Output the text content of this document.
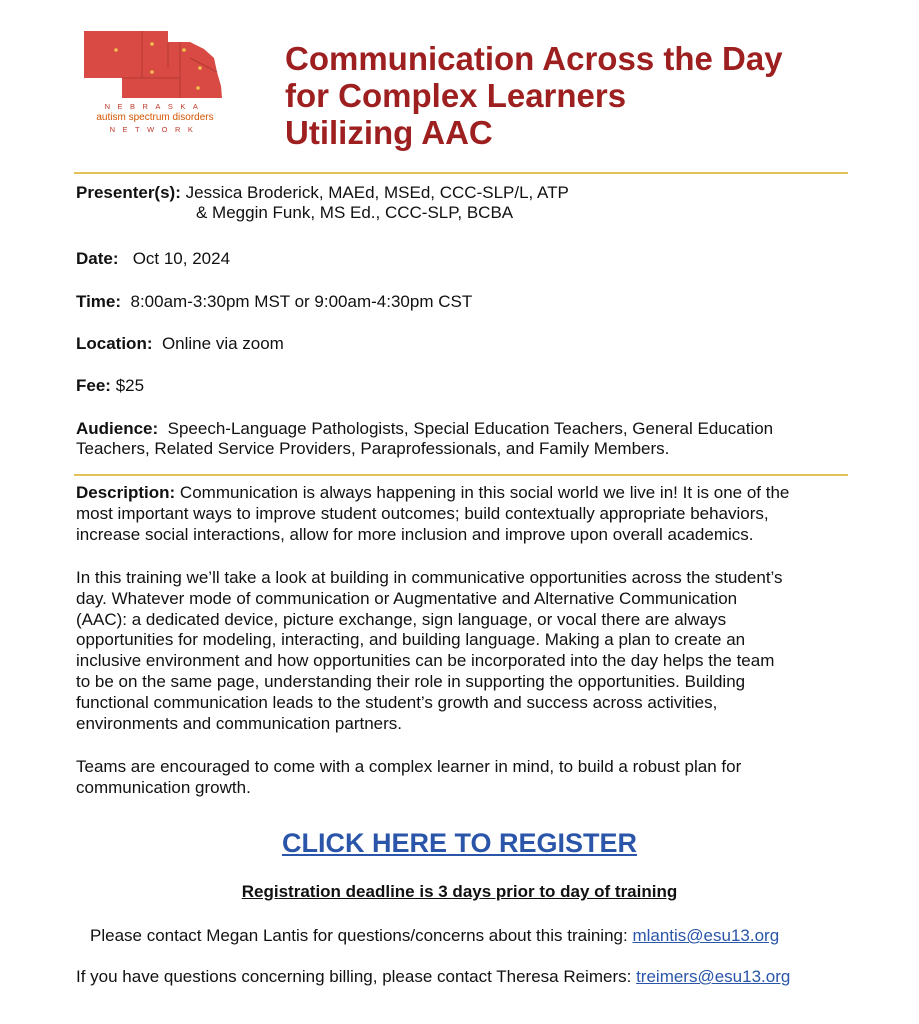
NEBRASKA
autism spectrum disorders
NETWORK
Communication Across the Day
for Complex Learners
Utilizing AAC
Presenter(s): Jessica Broderick, MAEd, MSEd, CCC-SLP/L, ATP
& Meggin Funk, MS Ed., CCC-SLP, BCBA
Date: Oct 10, 2024
Time: 8:00am-3:30pm MST or 9:00am-4:30pm CST
Location: Online via zoom
Fee: $25
Audience: Speech-Language Pathologists, Special Education Teachers, General Education
Teachers, Related Service Providers, Paraprofessionals, and Family Members.
Description: Communication is always happening in this social world we live in! It is one of the
most important ways to improve student outcomes; build contextually appropriate behaviors,
increase social interactions, allow for more inclusion and improve upon overall academics.
In this training we’ll take a look at building in communicative opportunities across the student’s
day. Whatever mode of communication or Augmentative and Alternative Communication
(AAC): a dedicated device, picture exchange, sign language, or vocal there are always
opportunities for modeling, interacting, and building language. Making a plan to create an
inclusive environment and how opportunities can be incorporated into the day helps the team
to be on the same page, understanding their role in supporting the opportunities. Building
functional communication leads to the student’s growth and success across activities,
environments and communication partners.
Teams are encouraged to come with a complex learner in mind, to build a robust plan for
communication growth.
CLICK HERE TO REGISTER
Registration deadline is 3 days prior to day of training
Please contact Megan Lantis for questions/concerns about this training: mlantis@esu13.org
If you have questions concerning billing, please contact Theresa Reimers: treimers@esu13.org
